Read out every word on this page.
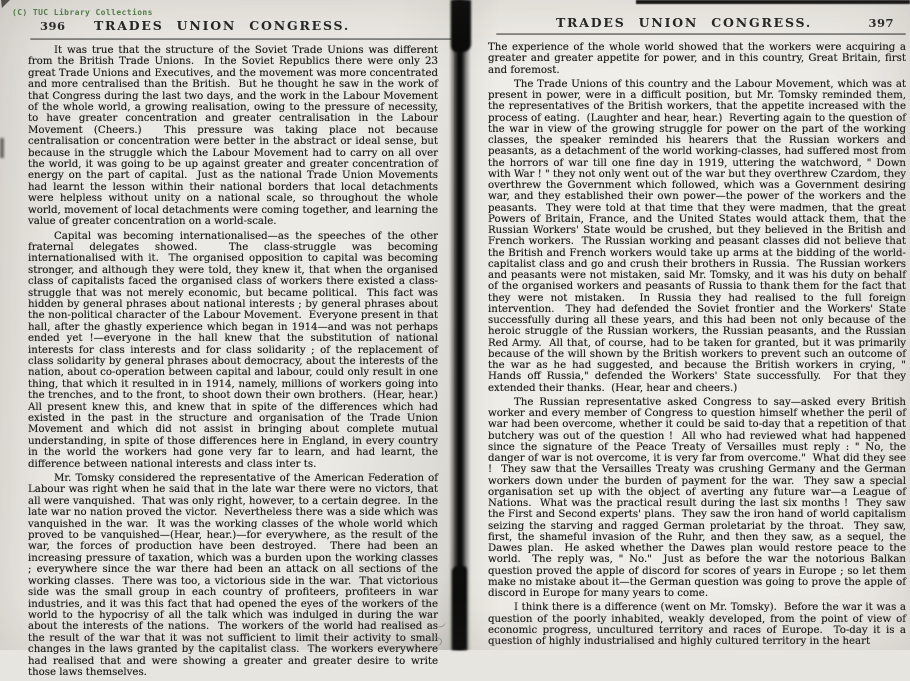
396	TRADES UNION CONGRESS.

It was true that the structure of the Soviet Trade Unions was different from the British Trade Unions.  In the Soviet Republics there were only 23 great Trade Unions and Executives, and the movement was more concentrated and more centralised than the British.  But he thought he saw in the work of that Congress during the last two days, and the work in the Labour Movement of the whole world, a growing realisation, owing to the pressure of necessity, to have greater concentration and greater centralisation in the Labour Movement (Cheers.)  This pressure was taking place not because centralisation or concentration were better in the abstract or ideal sense, but because in the struggle which the Labour Movement had to carry on all over the world, it was going to be up against greater and greater concentration of energy on the part of capital.  Just as the national Trade Union Movements had learnt the lesson within their national borders that local detachments were helpless without unity on a national scale, so throughout the whole world, movement of local detachments were coming together, and learning the value of greater concentration on a world-scale.

Capital was becoming internationalised—as the speeches of the other fraternal delegates showed.  The class-struggle was becoming internationalised with it.  The organised opposition to capital was becoming stronger, and although they were told, they knew it, that when the organised class of capitalists faced the organised class of workers there existed a class-struggle that was not merely economic, but became political.  This fact was hidden by general phrases about national interests ; by general phrases about the non-political character of the Labour Movement.  Everyone present in that hall, after the ghastly experience which began in 1914—and was not perhaps ended yet !—everyone in the hall knew that the substitution of national interests for class interests and for class solidarity ; of the replacement of class solidarity by general phrases about democracy, about the interests of the nation, about co-operation between capital and labour, could only result in one thing, that which it resulted in in 1914, namely, millions of workers going into the trenches, and to the front, to shoot down their own brothers.  (Hear, hear.) All present knew this, and knew that in spite of the differences which had existed in the past in the structure and organisation of the Trade Union Movement and which did not assist in bringing about complete mutual understanding, in spite of those differences here in England, in every country in the world the workers had gone very far to learn, and had learnt, the difference between national interests and class inter ts.

Mr. Tomsky considered the representative of the American Federation of Labour was right when he said that in the late war there were no victors, that all were vanquished.  That was only right, however, to a certain degree.  In the late war no nation proved the victor.  Nevertheless there was a side which was vanquished in the war.  It was the working classes of the whole world which proved to be vanquished—(Hear, hear.)—for everywhere, as the result of the war, the forces of production have been destroyed.  There had been an increasing pressure of taxation, which was a burden upon the working classes ; everywhere since the war there had been an attack on all sections of the working classes.  There was too, a victorious side in the war.  That victorious side was the small group in each country of profiteers, profiteers in war industries, and it was this fact that had opened the eyes of the workers of the world to the hypocrisy of all the talk which was indulged in during the war about the interests of the nations.  The workers of the world had realised as the result of the war that it was not sufficient to limit their activity to small changes in the laws granted by the capitalist class.  The workers everywhere had realised that and were showing a greater and greater desire to write those laws themselves.

TRADES UNION CONGRESS.	397

The experience of the whole world showed that the workers were acquiring a greater and greater appetite for power, and in this country, Great Britain, first and foremost.

The Trade Unions of this country and the Labour Movement, which was at present in power, were in a difficult position, but Mr. Tomsky reminded them, the representatives of the British workers, that the appetite increased with the process of eating.  (Laughter and hear, hear.)  Reverting again to the question of the war in view of the growing struggle for power on the part of the working classes, the speaker reminded his hearers that the Russian workers and peasants, as a detachment of the world working-classes, had suffered most from the horrors of war till one fine day in 1919, uttering the watchword, " Down with War ! " they not only went out of the war but they overthrew Czardom, they overthrew the Government which followed, which was a Government desiring war, and they established their own power—the power of the workers and the peasants.  They were told at that time that they were madmen, that the great Powers of Britain, France, and the United States would attack them, that the Russian Workers' State would be crushed, but they believed in the British and French workers.  The Russian working and peasant classes did not believe that the British and French workers would take up arms at the bidding of the world-capitalist class and go and crush their brothers in Russia.  The Russian workers and peasants were not mistaken, said Mr. Tomsky, and it was his duty on behalf of the organised workers and peasants of Russia to thank them for the fact that they were not mistaken.  In Russia they had realised to the full foreign intervention.  They had defended the Soviet frontier and the Workers' State successfully during all these years, and this had been not only because of the heroic struggle of the Russian workers, the Russian peasants, and the Russian Red Army.  All that, of course, had to be taken for granted, but it was primarily because of the will shown by the British workers to prevent such an outcome of the war as he had suggested, and because the British workers in crying, " Hands off Russia," defended the Workers' State successfully.  For that they extended their thanks.  (Hear, hear and cheers.)

The Russian representative asked Congress to say—asked every British worker and every member of Congress to question himself whether the peril of war had been overcome, whether it could be said to-day that a repetition of that butchery was out of the question !  All who had reviewed what had happened since the signature of the Peace Treaty of Versailles must reply : " No, the danger of war is not overcome, it is very far from overcome."  What did they see !  They saw that the Versailles Treaty was crushing Germany and the German workers down under the burden of payment for the war.  They saw a special organisation set up with the object of averting any future war—a League of Nations.  What was the practical result during the last six months !  They saw the First and Second experts' plans.  They saw the iron hand of world capitalism seizing the starving and ragged German proletariat by the throat.  They saw, first, the shameful invasion of the Ruhr, and then they saw, as a sequel, the Dawes plan.  He asked whether the Dawes plan would restore peace to the world.  The reply was, " No."  Just as before the war the notorious Balkan question proved the apple of discord for scores of years in Europe ; so let them make no mistake about it—the German question was going to prove the apple of discord in Europe for many years to come.

I think there is a difference (went on Mr. Tomsky).  Before the war it was a question of the poorly inhabited, weakly developed, from the point of view of economic progress, uncultured territory and races of Europe.  To-day it is a question of highly industrialised and highly cultured territory in the heart

(C) TUC Library Collections
